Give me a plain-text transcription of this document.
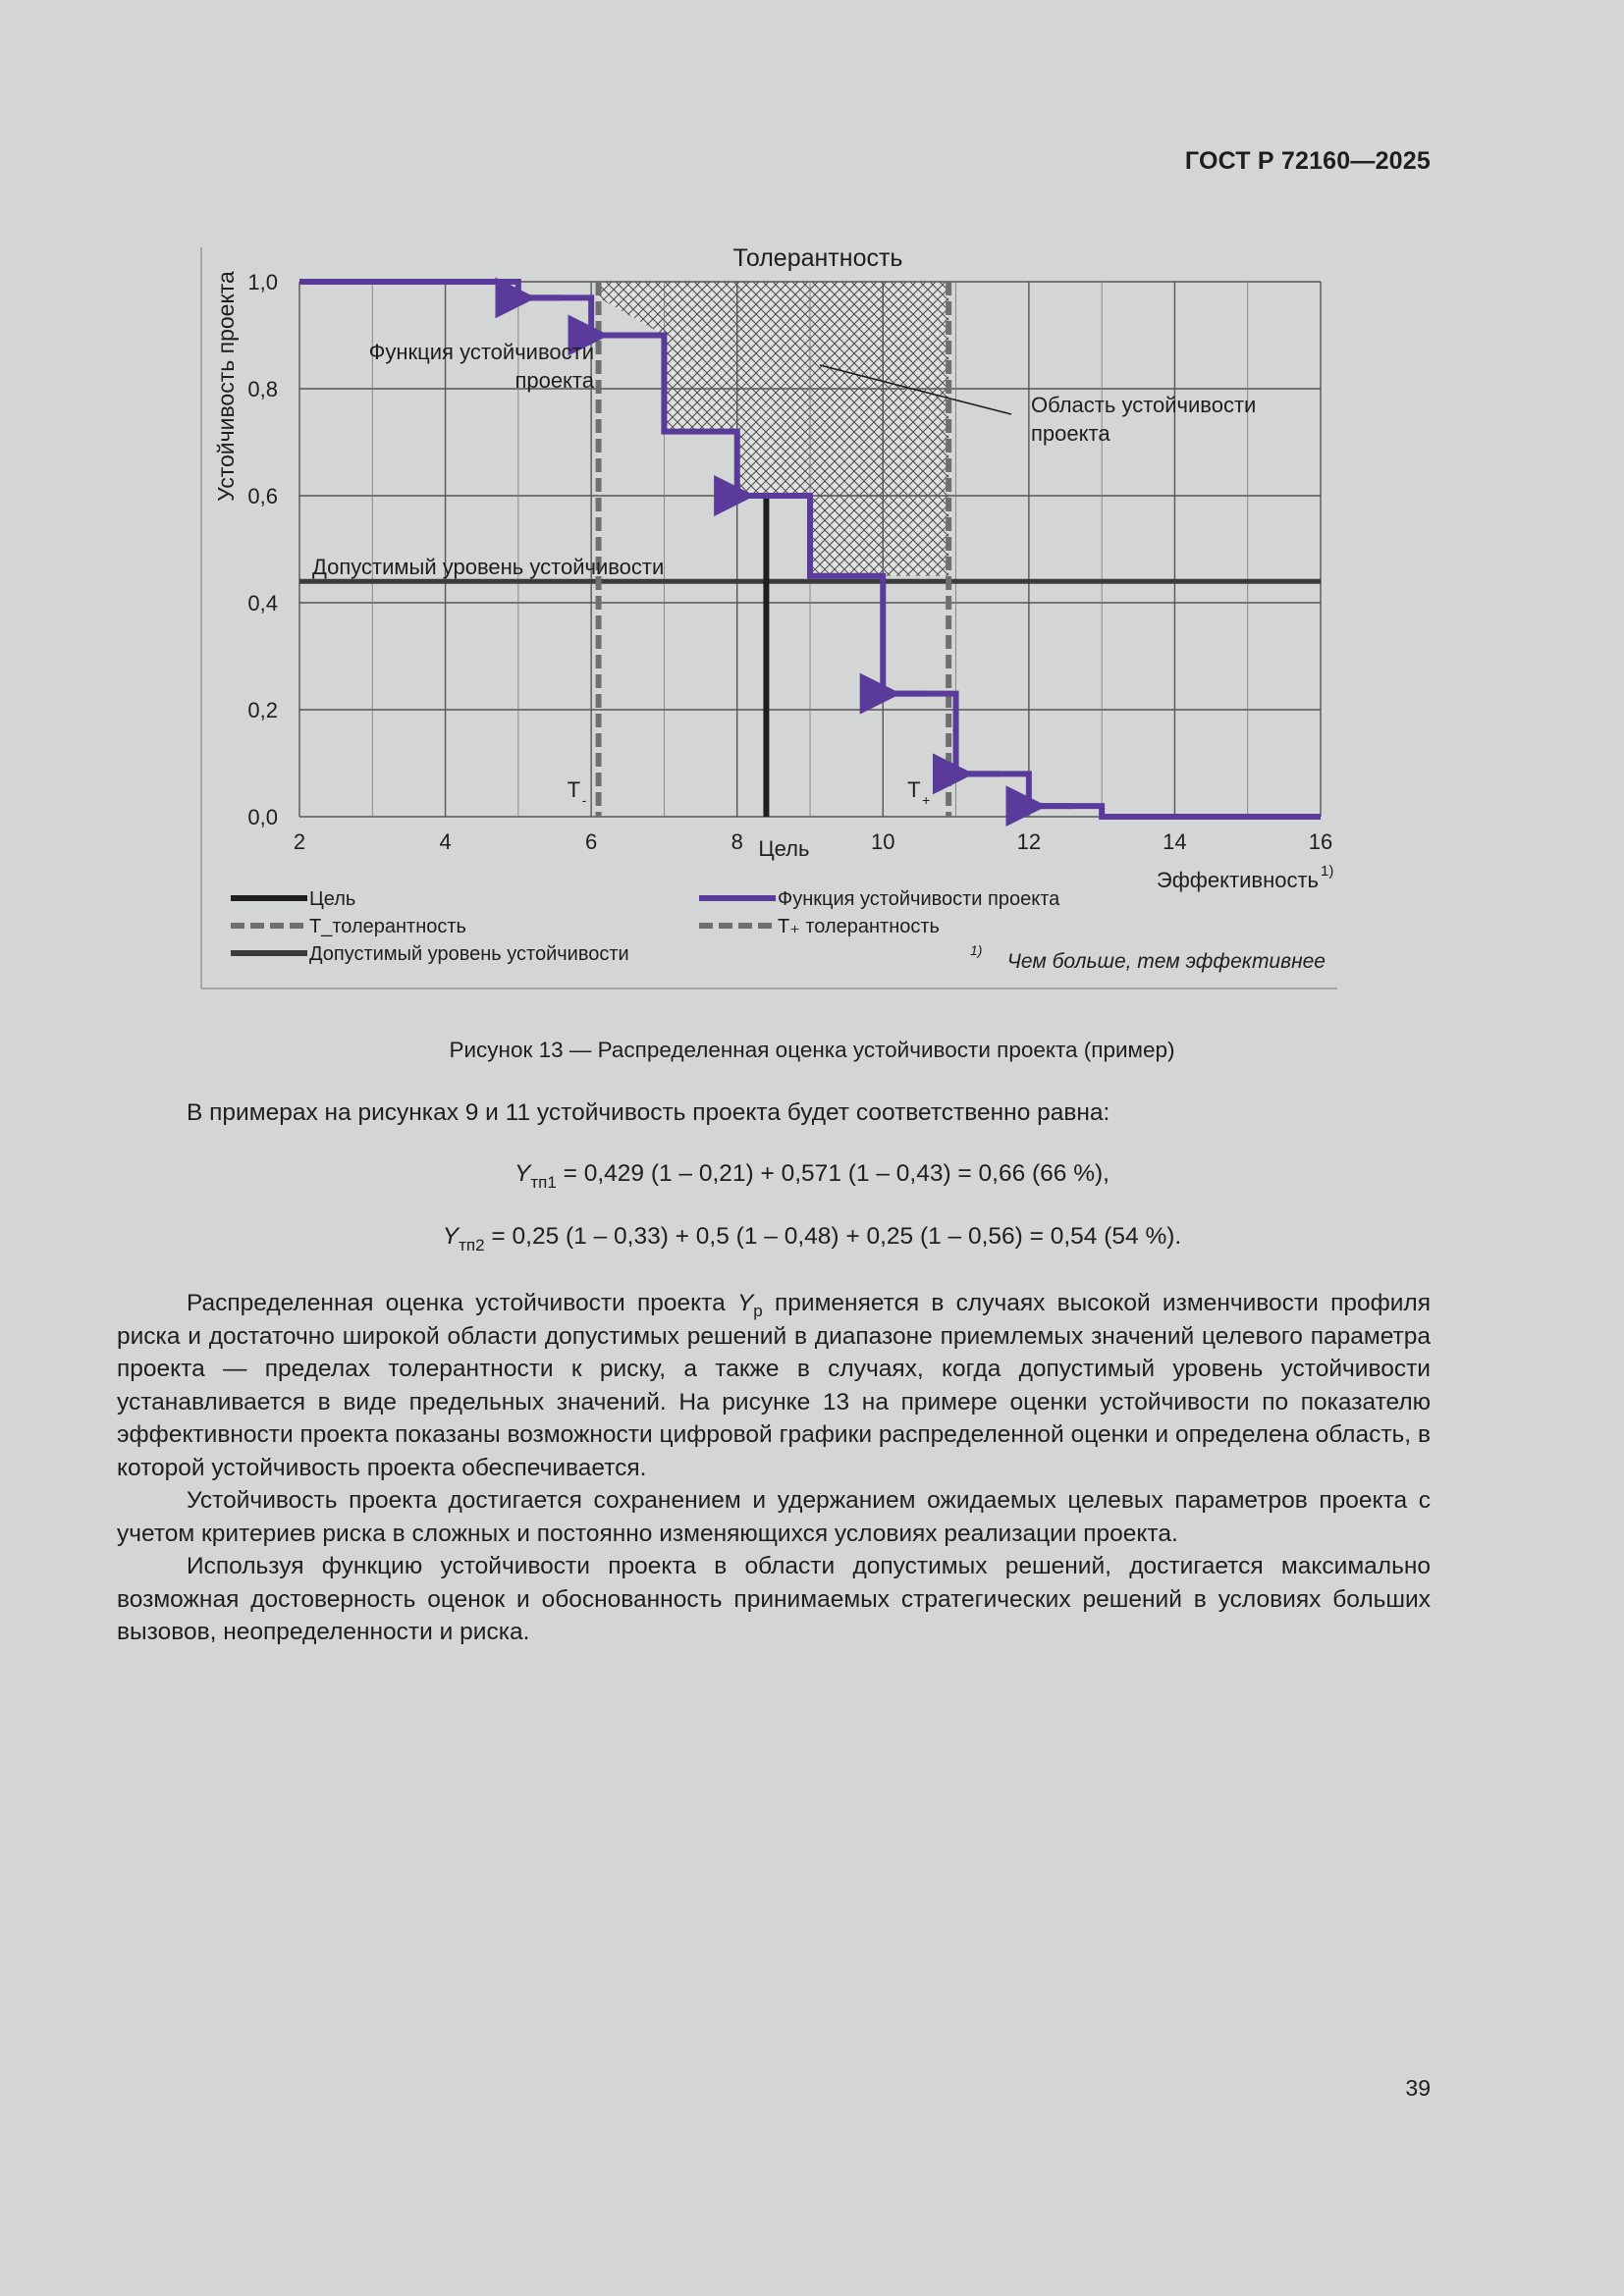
ГОСТ Р 72160—2025
2	4	6	8	10	12	14	16
0,0
0,2
0,4
0,6
0,8
1,0
Толерантность
Устойчивость проекта
Эффективность 1)
Функция устойчивости
проекта
Область устойчивости
проекта
Допустимый уровень устойчивости
Цель
T -	T +
Цель	Функция устойчивости проекта
T_толерантность	T₊ толерантность
Допустимый уровень устойчивости	1) Чем больше, тем эффективнее
Рисунок 13 — Распределенная оценка устойчивости проекта (пример)
В примерах на рисунках 9 и 11 устойчивость проекта будет соответственно равна:
$Y_{тп1} = 0,429$ (1 – 0,21) + 0,571 (1 – 0,43) = 0,66 (66 %),
$Y_{тп2} = 0,25$ (1 – 0,33) + 0,5 (1 – 0,48) + 0,25 (1 – 0,56) = 0,54 (54 %).

Распределенная оценка устойчивости проекта $Y_р$ применяется в случаях высокой изменчивости профиля риска и достаточно широкой области допустимых решений в диапазоне приемлемых значений целевого параметра проекта — пределах толерантности к риску, а также в случаях, когда допустимый уровень устойчивости устанавливается в виде предельных значений. На рисунке 13 на примере оценки устойчивости по показателю эффективности проекта показаны возможности цифровой графики распределенной оценки и определена область, в которой устойчивость проекта обеспечивается.

Устойчивость проекта достигается сохранением и удержанием ожидаемых целевых параметров проекта с учетом критериев риска в сложных и постоянно изменяющихся условиях реализации проекта.

Используя функцию устойчивости проекта в области допустимых решений, достигается максимально возможная достоверность оценок и обоснованность принимаемых стратегических решений в условиях больших вызовов, неопределенности и риска.

39
